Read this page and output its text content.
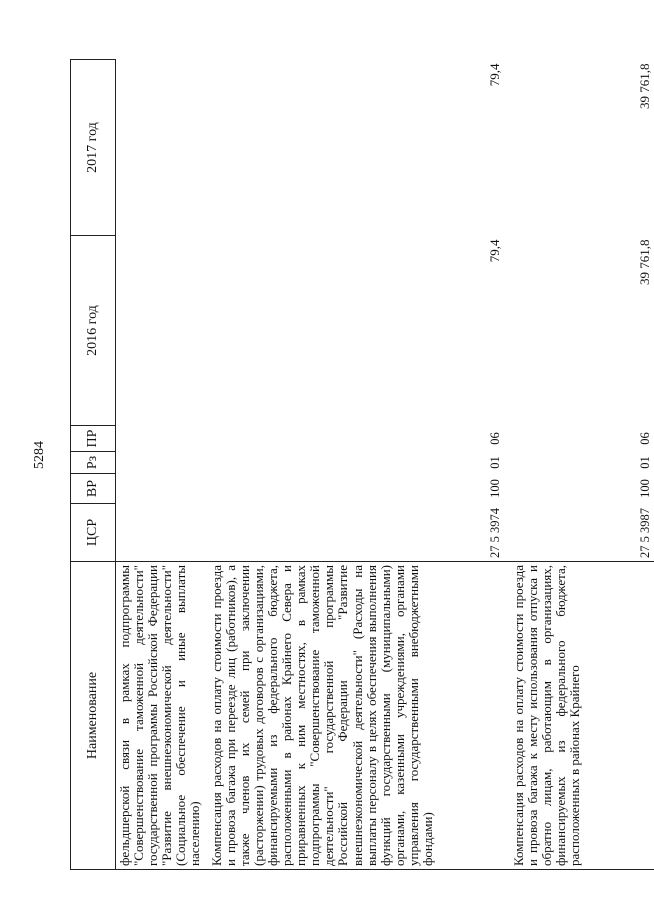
5284
Наименование	ЦСР	ВР	Рз	ПР	2016 год	2017 год
фельдшерской связи в рамках подпрограммы "Совершенствование таможенной деятельности" государственной программы Российской Федерации "Развитие внешнеэкономической деятельности" (Социальное обеспечение и иные выплаты населению)						
Компенсация расходов на оплату стоимости проезда и провоза багажа при переезде лиц (работников), а также членов их семей при заключении (расторжении) трудовых договоров с организациями, финансируемыми из федерального бюджета, расположенными в районах Крайнего Севера и приравненных к ним местностях, в рамках подпрограммы "Совершенствование таможенной деятельности" государственной программы Российской Федерации "Развитие внешнеэкономической деятельности" (Расходы на выплаты персоналу в целях обеспечения выполнения функций государственными (муниципальными) органами, казенными учреждениями, органами управления государственными внебюджетными фондами)	27 5 3974	100	01	06	79,4	79,4
Компенсация расходов на оплату стоимости проезда и провоза багажа к месту использования отпуска и обратно лицам, работающим в организациях, финансируемых из федерального бюджета, расположенных в районах Крайнего	27 5 3987	100	01	06	39 761,8	39 761,8
